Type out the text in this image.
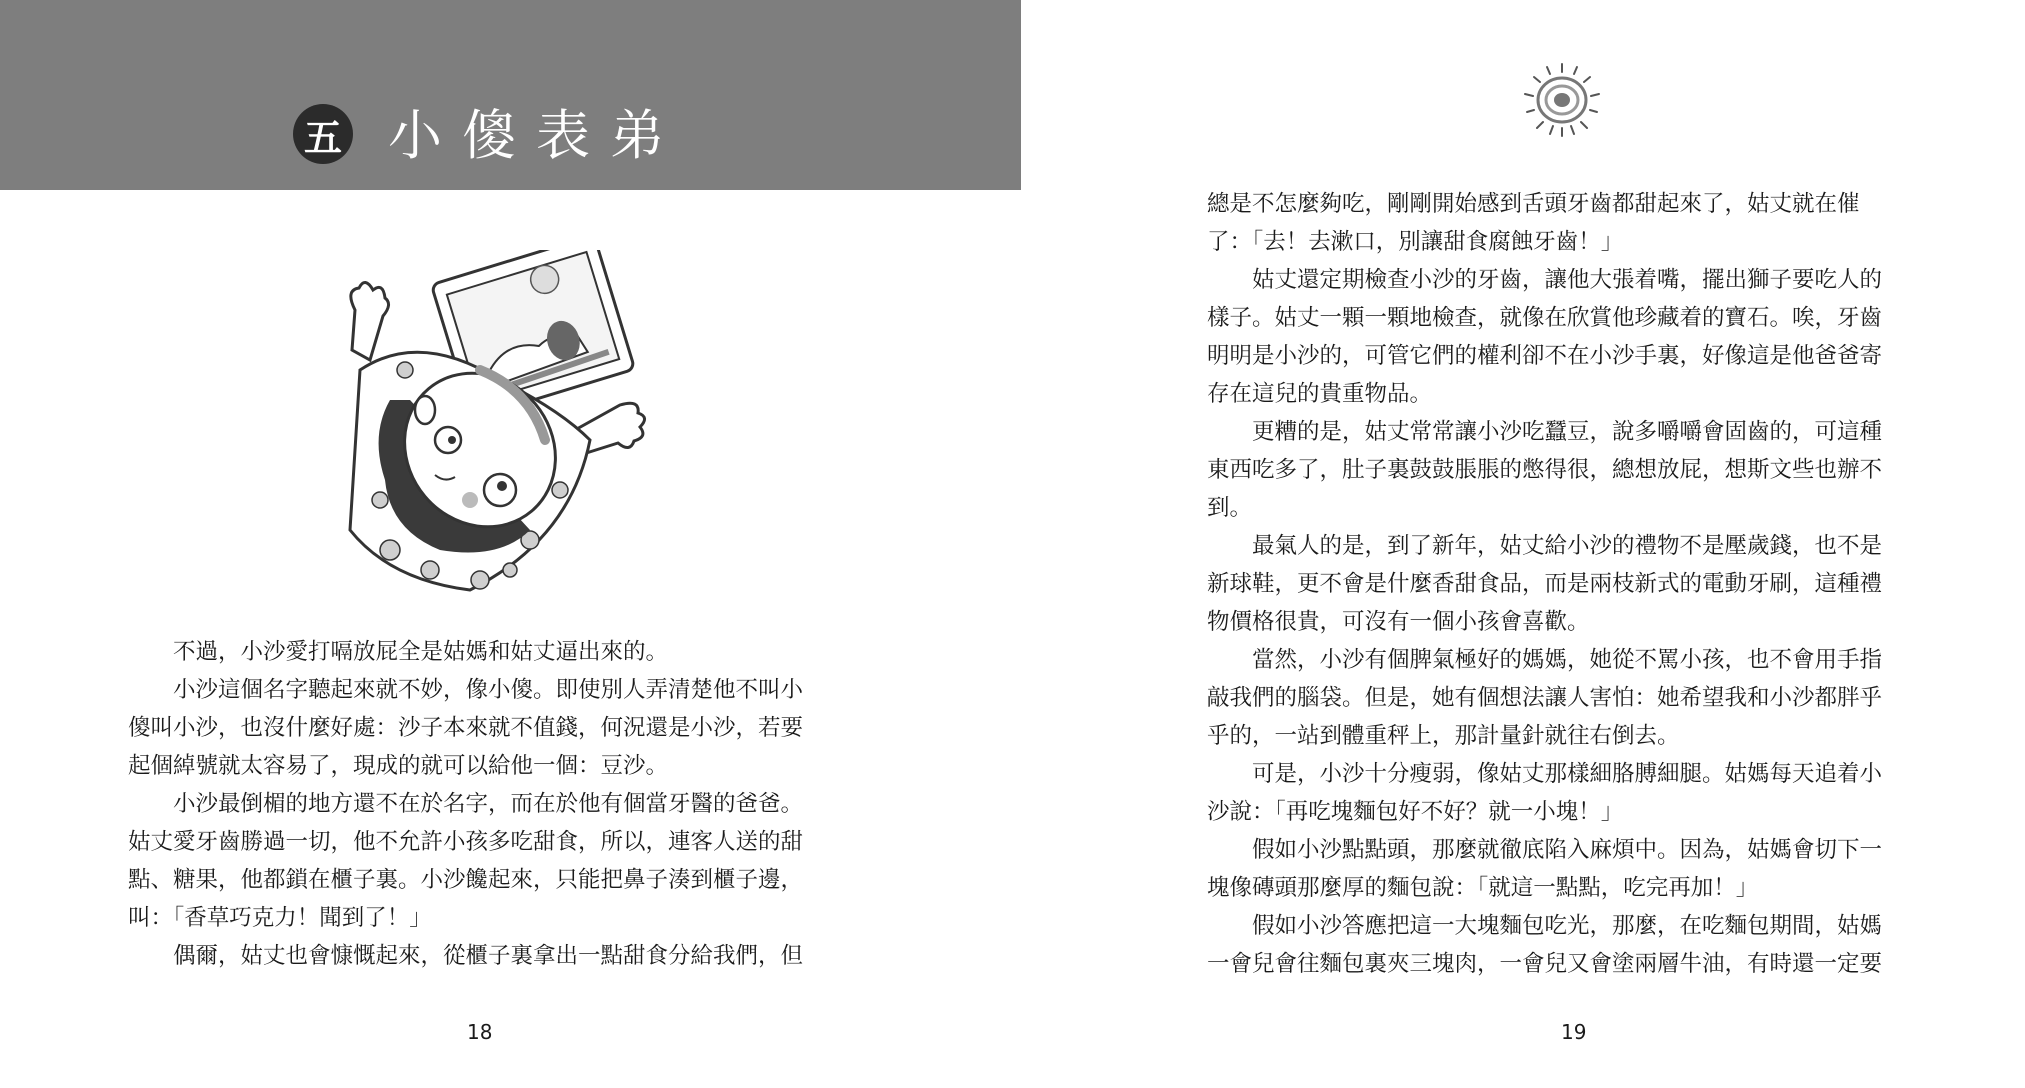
五 小傻表弟

　　不過，小沙愛打嗝放屁全是姑媽和姑丈逼出來的。

　　小沙這個名字聽起來就不妙，像小傻。即使別人弄清楚他不叫小

傻叫小沙，也沒什麼好處：沙子本來就不值錢，何況還是小沙，若要

起個綽號就太容易了，現成的就可以給他一個：豆沙。

　　小沙最倒楣的地方還不在於名字，而在於他有個當牙醫的爸爸。

姑丈愛牙齒勝過一切，他不允許小孩多吃甜食，所以，連客人送的甜

點、糖果，他都鎖在櫃子裏。小沙饞起來，只能把鼻子湊到櫃子邊，

叫：「香草巧克力！聞到了！」

　　偶爾，姑丈也會慷慨起來，從櫃子裏拿出一點甜食分給我們，但

18

總是不怎麼夠吃，剛剛開始感到舌頭牙齒都甜起來了，姑丈就在催

了：「去！去漱口，別讓甜食腐蝕牙齒！」

　　姑丈還定期檢查小沙的牙齒，讓他大張着嘴，擺出獅子要吃人的

樣子。姑丈一顆一顆地檢查，就像在欣賞他珍藏着的寶石。唉，牙齒

明明是小沙的，可管它們的權利卻不在小沙手裏，好像這是他爸爸寄

存在這兒的貴重物品。

　　更糟的是，姑丈常常讓小沙吃蠶豆，說多嚼嚼會固齒的，可這種

東西吃多了，肚子裏鼓鼓脹脹的憋得很，總想放屁，想斯文些也辦不

到。

　　最氣人的是，到了新年，姑丈給小沙的禮物不是壓歲錢，也不是

新球鞋，更不會是什麼香甜食品，而是兩枝新式的電動牙刷，這種禮

物價格很貴，可沒有一個小孩會喜歡。

　　當然，小沙有個脾氣極好的媽媽，她從不罵小孩，也不會用手指

敲我們的腦袋。但是，她有個想法讓人害怕：她希望我和小沙都胖乎

乎的，一站到體重秤上，那計量針就往右倒去。

　　可是，小沙十分瘦弱，像姑丈那樣細胳膊細腿。姑媽每天追着小

沙說：「再吃塊麵包好不好？就一小塊！」

　　假如小沙點點頭，那麼就徹底陷入麻煩中。因為，姑媽會切下一

塊像磚頭那麼厚的麵包說：「就這一點點，吃完再加！」

　　假如小沙答應把這一大塊麵包吃光，那麼，在吃麵包期間，姑媽

一會兒會往麵包裏夾三塊肉，一會兒又會塗兩層牛油，有時還一定要

19
